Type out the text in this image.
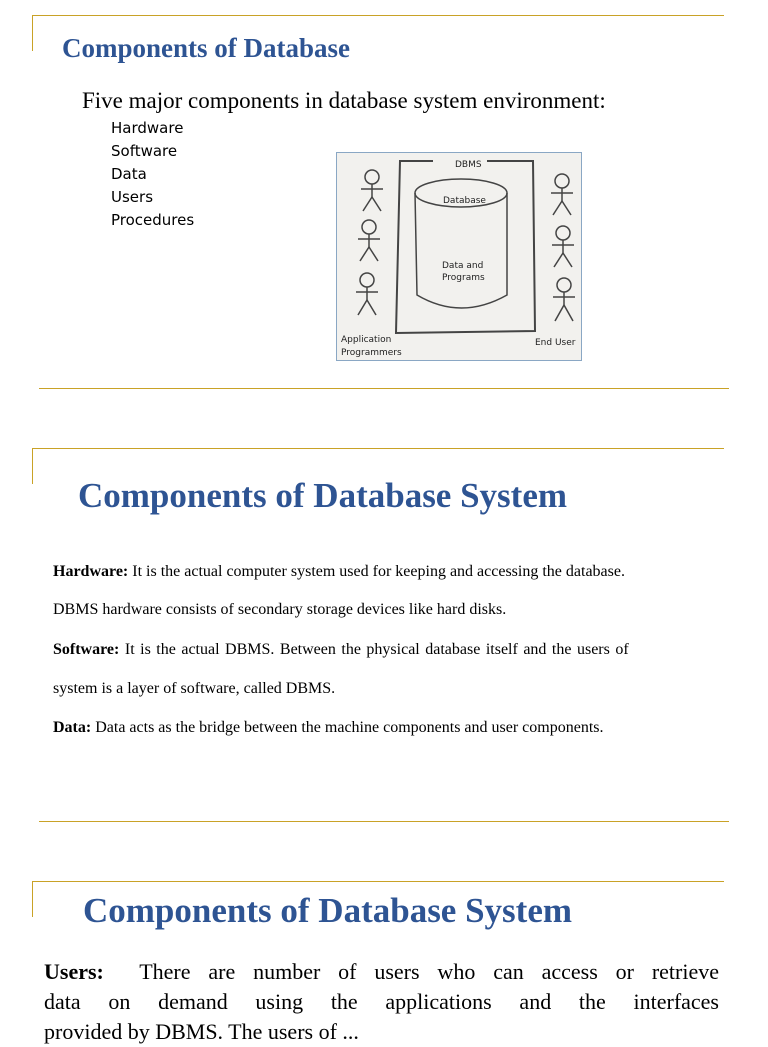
Components of Database
Five major components in database system environment:
Hardware
Software
Data
Users
Procedures
DBMS
Database
Data and
Programs
Application
Programmers
End User
Components of Database System
Hardware: It is the actual computer system used for keeping and accessing the database.
DBMS hardware consists of secondary storage devices like hard disks.
Software: It is the actual DBMS. Between the physical database itself and the users of
system is a layer of software, called DBMS.
Data: Data acts as the bridge between the machine components and user components.
Components of Database System
Users: There are number of users who can access or retrieve
data on demand using the applications and the interfaces
provided by DBMS. The users of ...
